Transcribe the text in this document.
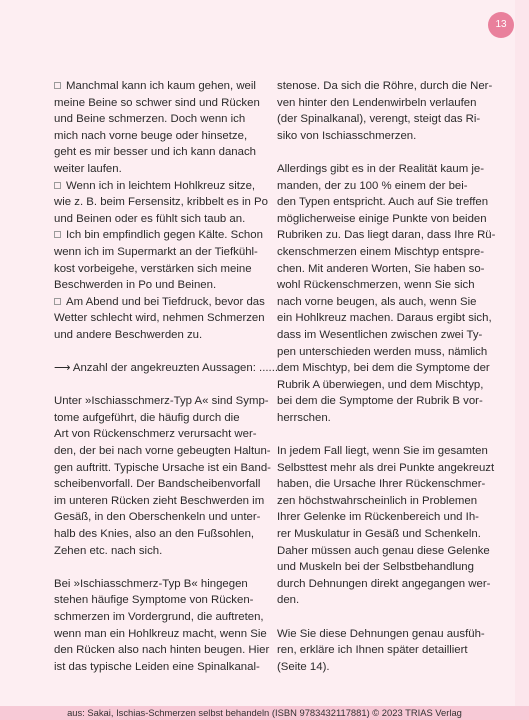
13
Manchmal kann ich kaum gehen, weil
meine Beine so schwer sind und Rücken
und Beine schmerzen. Doch wenn ich
mich nach vorne beuge oder hinsetze,
geht es mir besser und ich kann danach
weiter laufen.
Wenn ich in leichtem Hohlkreuz sitze,
wie z. B. beim Fersensitz, kribbelt es in Po
und Beinen oder es fühlt sich taub an.
Ich bin empfindlich gegen Kälte. Schon
wenn ich im Supermarkt an der Tiefkühl-
kost vorbeigehe, verstärken sich meine
Beschwerden in Po und Beinen.
Am Abend und bei Tiefdruck, bevor das
Wetter schlecht wird, nehmen Schmerzen
und andere Beschwerden zu.
⟶ Anzahl der angekreuzten Aussagen: .......
Unter »Ischiasschmerz-Typ A« sind Symp-
tome aufgeführt, die häufig durch die
Art von Rückenschmerz verursacht wer-
den, der bei nach vorne gebeugten Haltun-
gen auftritt. Typische Ursache ist ein Band-
scheibenvorfall. Der Bandscheibenvorfall
im unteren Rücken zieht Beschwerden im
Gesäß, in den Oberschenkeln und unter-
halb des Knies, also an den Fußsohlen,
Zehen etc. nach sich.
Bei »Ischiasschmerz-Typ B« hingegen
stehen häufige Symptome von Rücken-
schmerzen im Vordergrund, die auftreten,
wenn man ein Hohlkreuz macht, wenn Sie
den Rücken also nach hinten beugen. Hier
ist das typische Leiden eine Spinalkanal-
stenose. Da sich die Röhre, durch die Ner-
ven hinter den Lendenwirbeln verlaufen
(der Spinalkanal), verengt, steigt das Ri-
siko von Ischiasschmerzen.
Allerdings gibt es in der Realität kaum je-
manden, der zu 100 % einem der bei-
den Typen entspricht. Auch auf Sie treffen
möglicherweise einige Punkte von beiden
Rubriken zu. Das liegt daran, dass Ihre Rü-
ckenschmerzen einem Mischtyp entspre-
chen. Mit anderen Worten, Sie haben so-
wohl Rückenschmerzen, wenn Sie sich
nach vorne beugen, als auch, wenn Sie
ein Hohlkreuz machen. Daraus ergibt sich,
dass im Wesentlichen zwischen zwei Ty-
pen unterschieden werden muss, nämlich
dem Mischtyp, bei dem die Symptome der
Rubrik A überwiegen, und dem Mischtyp,
bei dem die Symptome der Rubrik B vor-
herrschen.
In jedem Fall liegt, wenn Sie im gesamten
Selbsttest mehr als drei Punkte angekreuzt
haben, die Ursache Ihrer Rückenschmer-
zen höchstwahrscheinlich in Problemen
Ihrer Gelenke im Rückenbereich und Ih-
rer Muskulatur in Gesäß und Schenkeln.
Daher müssen auch genau diese Gelenke
und Muskeln bei der Selbstbehandlung
durch Dehnungen direkt angegangen wer-
den.
Wie Sie diese Dehnungen genau ausfüh-
ren, erkläre ich Ihnen später detailliert
(Seite 14).
aus: Sakai, Ischias-Schmerzen selbst behandeln (ISBN 9783432117881) © 2023 TRIAS Verlag
